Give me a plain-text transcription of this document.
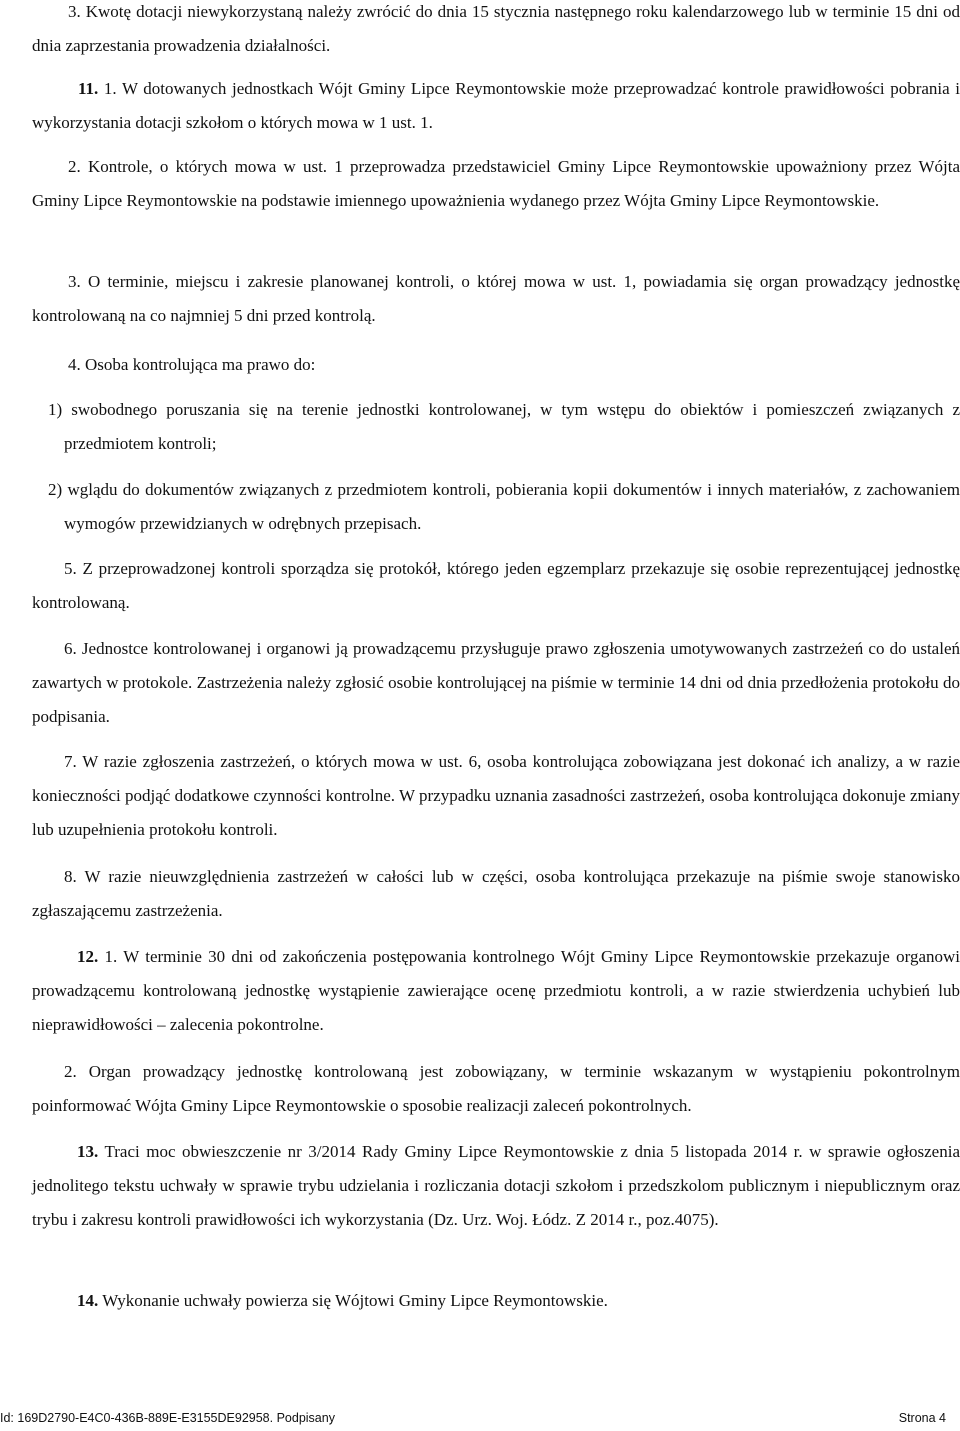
3. Kwotę dotacji niewykorzystaną należy zwrócić do dnia 15 stycznia następnego roku kalendarzowego lub w terminie 15 dni od dnia zaprzestania prowadzenia działalności.

11. 1. W dotowanych jednostkach Wójt Gminy Lipce Reymontowskie może przeprowadzać kontrole prawidłowości pobrania i wykorzystania dotacji szkołom o których mowa w 1 ust. 1.

2. Kontrole, o których mowa w ust. 1 przeprowadza przedstawiciel Gminy Lipce Reymontowskie upoważniony przez Wójta Gminy Lipce Reymontowskie na podstawie imiennego upoważnienia wydanego przez Wójta Gminy Lipce Reymontowskie.

3. O terminie, miejscu i zakresie planowanej kontroli, o której mowa w ust. 1, powiadamia się organ prowadzący jednostkę kontrolowaną na co najmniej 5 dni przed kontrolą.

4. Osoba kontrolująca ma prawo do:

1) swobodnego poruszania się na terenie jednostki kontrolowanej, w tym wstępu do obiektów i pomieszczeń związanych z przedmiotem kontroli;

2) wglądu do dokumentów związanych z przedmiotem kontroli, pobierania kopii dokumentów i innych materiałów, z zachowaniem wymogów przewidzianych w odrębnych przepisach.

5. Z przeprowadzonej kontroli sporządza się protokół, którego jeden egzemplarz przekazuje się osobie reprezentującej jednostkę kontrolowaną.

6. Jednostce kontrolowanej i organowi ją prowadzącemu przysługuje prawo zgłoszenia umotywowanych zastrzeżeń co do ustaleń zawartych w protokole. Zastrzeżenia należy zgłosić osobie kontrolującej na piśmie w terminie 14 dni od dnia przedłożenia protokołu do podpisania.

7. W razie zgłoszenia zastrzeżeń, o których mowa w ust. 6, osoba kontrolująca zobowiązana jest dokonać ich analizy, a w razie konieczności podjąć dodatkowe czynności kontrolne. W przypadku uznania zasadności zastrzeżeń, osoba kontrolująca dokonuje zmiany lub uzupełnienia protokołu kontroli.

8. W razie nieuwzględnienia zastrzeżeń w całości lub w części, osoba kontrolująca przekazuje na piśmie swoje stanowisko zgłaszającemu zastrzeżenia.

12. 1. W terminie 30 dni od zakończenia postępowania kontrolnego Wójt Gminy Lipce Reymontowskie przekazuje organowi prowadzącemu kontrolowaną jednostkę wystąpienie zawierające ocenę przedmiotu kontroli, a w razie stwierdzenia uchybień lub nieprawidłowości – zalecenia pokontrolne.

2. Organ prowadzący jednostkę kontrolowaną jest zobowiązany, w terminie wskazanym w wystąpieniu pokontrolnym poinformować Wójta Gminy Lipce Reymontowskie o sposobie realizacji zaleceń pokontrolnych.

13. Traci moc obwieszczenie nr 3/2014 Rady Gminy Lipce Reymontowskie z dnia 5 listopada 2014 r. w sprawie ogłoszenia jednolitego tekstu uchwały w sprawie trybu udzielania i rozliczania dotacji szkołom i przedszkolom publicznym i niepublicznym oraz trybu i zakresu kontroli prawidłowości ich wykorzystania (Dz. Urz. Woj. Łódz. Z 2014 r., poz.4075).

14. Wykonanie uchwały powierza się Wójtowi Gminy Lipce Reymontowskie.

Id: 169D2790-E4C0-436B-889E-E3155DE92958. Podpisany	Strona 4
